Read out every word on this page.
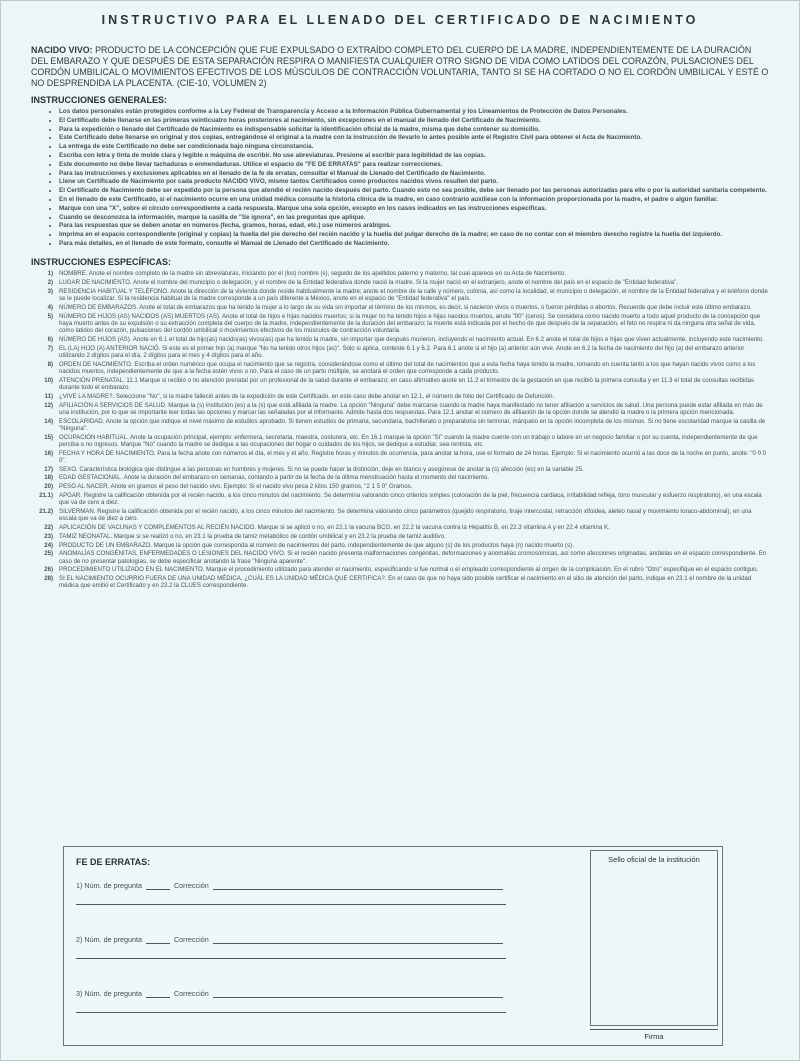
INSTRUCTIVO PARA EL LLENADO DEL CERTIFICADO DE NACIMIENTO
NACIDO VIVO: PRODUCTO DE LA CONCEPCIÓN QUE FUE EXPULSADO O EXTRAÍDO COMPLETO DEL CUERPO DE LA MADRE, INDEPENDIENTEMENTE DE LA DURACIÓN DEL EMBARAZO Y QUE DESPUÉS DE ESTA SEPARACIÓN RESPIRA O MANIFIESTA CUALQUIER OTRO SIGNO DE VIDA COMO LATIDOS DEL CORAZÓN, PULSACIONES DEL CORDÓN UMBILICAL O MOVIMIENTOS EFECTIVOS DE LOS MÚSCULOS DE CONTRACCIÓN VOLUNTARIA, TANTO SI SE HA CORTADO O NO EL CORDÓN UMBILICAL Y ESTÉ O NO DESPRENDIDA LA PLACENTA. (CIE-10, VOLUMEN 2)
INSTRUCCIONES GENERALES:
• Los datos personales están protegidos conforme a la Ley Federal de Transparencia y Acceso a la Información Pública Gubernamental y los Lineamientos de Protección de Datos Personales.
• El Certificado debe llenarse en las primeras veinticuatro horas posteriores al nacimiento, sin excepciones en el manual de llenado del Certificado de Nacimiento.
• Para la expedición o llenado del Certificado de Nacimiento es indispensable solicitar la identificación oficial de la madre, misma que debe contener su domicilio.
• Este Certificado debe llenarse en original y dos copias, entregándose el original a la madre con la instrucción de llevarlo lo antes posible ante el Registro Civil para obtener el Acta de Nacimiento.
• La entrega de este Certificado no debe ser condicionada bajo ninguna circunstancia.
• Escriba con letra y tinta de molde clara y legible o máquina de escribir. No use abreviaturas. Presione al escribir para legibilidad de las copias.
• Este documento no debe llevar tachaduras o enmendaduras. Utilice el espacio de "FE DE ERRATAS" para realizar correcciones.
• Para las instrucciones y exclusiones aplicables en el llenado de la fe de erratas, consultar el Manual de Llenado del Certificado de Nacimiento.
• Llene un Certificado de Nacimiento por cada producto NACIDO VIVO, mismo tantos Certificados como productos nacidos vivos resulten del parto.
• El Certificado de Nacimiento debe ser expedido por la persona que atendió el recién nacido después del parto. Cuando esto no sea posible, debe ser llenado por las personas autorizadas para ello o por la autoridad sanitaria competente.
• En el llenado de este Certificado, si el nacimiento ocurre en una unidad médica consulte la historia clínica de la madre, en caso contrario auxíliese con la información proporcionada por la madre, el padre o algún familiar.
• Marque con una "X", sobre el círculo correspondiente a cada respuesta. Marque una sola opción, excepto en los casos indicados en las instrucciones específicas.
• Cuando se desconozca la información, marque la casilla de "Se ignora", en las preguntas que aplique.
• Para las respuestas que se deben anotar en números (fecha, gramos, horas, edad, etc.) use números arábigos.
• Imprima en el espacio correspondiente (original y copias) la huella del pie derecho del recién nacido y la huella del pulgar derecho de la madre; en caso de no contar con el miembro derecho registre la huella del izquierdo.
• Para más detalles, en el llenado de este formato, consulte el Manual de Llenado del Certificado de Nacimiento.
INSTRUCCIONES ESPECÍFICAS:
1) NOMBRE. Anote el nombre completo de la madre sin abreviaturas, iniciando por el (los) nombre (s), seguido de los apellidos paterno y materno, tal cual aparece en su Acta de Nacimiento.
2) LUGAR DE NACIMIENTO. Anote el nombre del municipio o delegación, y el nombre de la Entidad federativa donde nació la madre. Si la mujer nació en el extranjero, anote el nombre del país en el espacio de "Entidad federativa".
3) RESIDENCIA HABITUAL Y TELÉFONO. Anote la dirección de la vivienda donde reside habitualmente la madre; anote el nombre de la calle y número, colonia, así como la localidad, el municipio o delegación, el nombre de la Entidad federativa y el teléfono donde se le puede localizar. Si la residencia habitual de la madre corresponde a un país diferente a México, anote en el espacio de "Entidad federativa" el país.
4) NÚMERO DE EMBARAZOS. Anote el total de embarazos que ha tenido la mujer a lo largo de su vida sin importar el término de los mismos, es decir, si nacieron vivos o muertos, o fueron pérdidas o abortos. Recuerde que debe incluir este último embarazo.
5) NÚMERO DE HIJOS (AS) NACIDOS (AS) MUERTOS (AS). Anote el total de hijos e hijas nacidos muertos; si la mujer no ha tenido hijos e hijas nacidos muertos, anote "00" (ceros). Se considera como nacido muerto a todo aquel producto de la concepción que haya muerto antes de su expulsión o su extracción completa del cuerpo de la madre, independientemente de la duración del embarazo; la muerte está indicada por el hecho de que después de la separación, el feto no respira ni da ninguna otra señal de vida, como latidos del corazón, pulsaciones del cordón umbilical o movimientos efectivos de los músculos de contracción voluntaria.
6) NÚMERO DE HIJOS (AS). Anote en 6.1 el total de hijo(as) nacido(as) vivos(as) que ha tenido la madre, sin importar que después murieron, incluyendo el nacimiento actual. En 6.2 anote el total de hijos e hijas que viven actualmente, incluyendo este nacimiento.
7) EL (LA) HIJO (A) ANTERIOR NACIÓ. Si este es el primer hijo (a) marque "No ha tenido otros hijos (as)". Sólo si aplica, conteste 6.1 y 6.2. Para 6.1 anote si el hijo (a) anterior aún vive. Anote en 6.2 la fecha de nacimiento del hijo (a) del embarazo anterior utilizando 2 dígitos para el día, 2 dígitos para el mes y 4 dígitos para el año.
8) ORDEN DE NACIMIENTO. Escriba el orden numérico que ocupa el nacimiento que se registra, considerándose como el último del total de nacimientos que a esta fecha haya tenido la madre, tomando en cuenta tanto a los que hayan nacido vivos como a los nacidos muertos, independientemente de que a la fecha estén vivos o no. Para el caso de un parto múltiple, se anotará el orden que corresponde a cada producto.
10) ATENCIÓN PRENATAL. 11.1 Marque si recibió o no atención prenatal por un profesional de la salud durante el embarazo; en caso afirmativo anote en 11.2 el trimestre de la gestación en que recibió la primera consulta y en 11.3 el total de consultas recibidas durante todo el embarazo.
11) ¿VIVE LA MADRE?. Seleccione "No", si la madre falleció antes de la expedición de este Certificado, en este caso debe anotar en 12.1, el número de folio del Certificado de Defunción.
12) AFILIACIÓN A SERVICIOS DE SALUD. Marque la (s) institución (es) a la (s) que está afiliada la madre. La opción "Ninguna" debe marcarse cuando la madre haya manifestado no tener afiliación a servicios de salud. Una persona puede estar afiliada en más de una institución, por lo que se importante leer todas las opciones y marcar las señaladas por el informante. Admite hasta dos respuestas. Para 12.1 anotar el número de afiliación de la opción donde se atendió la madre o la primera opción mencionada.
14) ESCOLARIDAD. Anote la opción que indique el nivel máximo de estudios aprobado. Si tienen estudios de primaria, secundaria, bachillerato o preparatoria sin terminar, márquelo en la opción incompleta de los mismos. Si no tiene escolaridad marque la casilla de "Ninguna".
15) OCUPACIÓN HABITUAL. Anote la ocupación principal, ejemplo: enfermera, secretaria, maestra, costurera, etc. En 16.1 marque la opción "Sí" cuando la madre cuente con un trabajo o labore en un negocio familiar o por su cuenta, independientemente de que perciba o no ingresos. Marque "No" cuando la madre se dedique a las ocupaciones del hogar o cuidados de los hijos, se dedique a estudiar, sea rentista, etc.
16) FECHA Y HORA DE NACIMIENTO. Para la fecha anote con números el día, el mes y el año. Registre horas y minutos de ocurrencia, para anotar la hora, use el formato de 24 horas. Ejemplo: Si el nacimiento ocurrió a las doce de la noche en punto, anote: "0 0 0 0".
17) SEXO. Característica biológica que distingue a las personas en hombres y mujeres. Si no se puede hacer la distinción, deje en blanco y asegúrese de anotar la (s) afección (es) en la variable 25.
18) EDAD GESTACIONAL. Anote la duración del embarazo en semanas, contando a partir de la fecha de la última menstruación hasta el momento del nacimiento.
20) PESO AL NACER. Anote en gramos el peso del nacido vivo. Ejemplo: Si el nacido vivo pesa 2 kilos 150 gramos, "2 1 5 0" Gramos.
21.1) APGAR. Registre la calificación obtenida por el recién nacido, a los cinco minutos del nacimiento. Se determina valorando cinco criterios simples (coloración de la piel, frecuencia cardiaca, irritabilidad refleja, tono muscular y esfuerzo respiratorio), en una escala que va de cero a diez.
21.2) SILVERMAN. Registre la calificación obtenida por el recién nacido, a los cinco minutos del nacimiento. Se determina valorando cinco parámetros (quejido respiratorio, tiraje intercostal, retracción xifoidea, aleteo nasal y movimiento toraco-abdominal), en una escala que va de diez a cero.
22) APLICACIÓN DE VACUNAS Y COMPLEMENTOS AL RECIÉN NACIDO. Marque si se aplicó o no, en 22.1 la vacuna BCG, en 22.2 la vacuna contra la Hepatitis B, en 22.3 vitamina A y en 22.4 vitamina K.
23) TAMIZ NEONATAL. Marque si se realizó o no, en 23.1 la prueba de tamiz metabólico de cordón umbilical y en 23.2 la prueba de tamiz auditivo.
24) PRODUCTO DE UN EMBARAZO. Marque la opción que corresponda al número de nacimientos del parto, independientemente de que alguno (s) de los productos haya (n) nacido muerto (s).
25) ANOMALÍAS CONGÉNITAS, ENFERMEDADES O LESIONES DEL NACIDO VIVO. Si el recién nacido presenta malformaciones congénitas, deformaciones y anomalías cromosómicas, así como afecciones originadas, anótelas en el espacio correspondiente. En caso de no presentar patologías, se debe especificar anotando la frase "Ninguna aparente".
26) PROCEDIMIENTO UTILIZADO EN EL NACIMIENTO. Marque el procedimiento utilizado para atender el nacimiento, especificando si fue normal o el empleado correspondiente al origen de la complicación. En el rubro "Otro" especifique en el espacio contiguo.
28) SI EL NACIMIENTO OCURRIÓ FUERA DE UNA UNIDAD MÉDICA, ¿CUÁL ES LA UNIDAD MÉDICA QUE CERTIFICA?. En el caso de que no haya sido posible certificar el nacimiento en el sitio de atención del parto, indique en 23.1 el nombre de la unidad médica que emitió el Certificado y en 23.2 la CLUES correspondiente.
FE DE ERRATAS:
1) Núm. de pregunta	Corrección
2) Núm. de pregunta	Corrección
3) Núm. de pregunta	Corrección
Sello oficial de la institución
Firma
